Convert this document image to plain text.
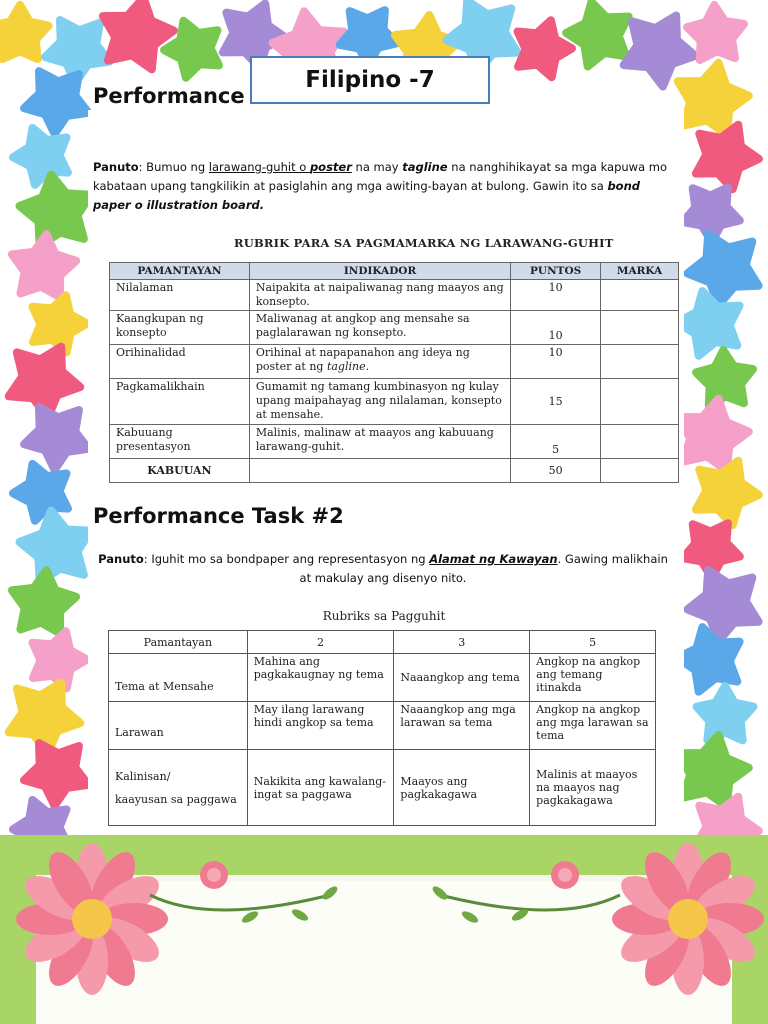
Performance
Filipino -7
Panuto: Bumuo ng larawang-guhit o poster na may tagline na nanghihikayat sa mga kapuwa mo kabataan upang tangkilikin at pasiglahin ang mga awiting-bayan at bulong. Gawin ito sa bond paper o illustration board.
RUBRIK PARA SA PAGMAMARKA NG LARAWANG-GUHIT
PAMANTAYAN	INDIKADOR	PUNTOS	MARKA
Nilalaman	Naipakita at naipaliwanag nang maayos ang konsepto.	10	
Kaangkupan ng konsepto	Maliwanag at angkop ang mensahe sa paglalarawan ng konsepto.	10	
Orihinalidad	Orihinal at napapanahon ang ideya ng poster at ng tagline.	10	
Pagkamalikhain	Gumamit ng tamang kumbinasyon ng kulay upang maipahayag ang nilalaman, konsepto at mensahe.	15	
Kabuuang presentasyon	Malinis, malinaw at maayos ang kabuuang larawang-guhit.	5	
KABUUAN		50	
Performance Task #2
Panuto: Iguhit mo sa bondpaper ang representasyon ng Alamat ng Kawayan. Gawing malikhain at makulay ang disenyo nito.
Rubriks sa Pagguhit
Pamantayan	2	3	5
Tema at Mensahe	Mahina ang pagkakaugnay ng tema	Naaangkop ang tema	Angkop na angkop ang temang itinakda
Larawan	May ilang larawang hindi angkop sa tema	Naaangkop ang mga larawan sa tema	Angkop na angkop ang mga larawan sa tema

Kalinisan/
kaayusan sa paggawa	Nakikita ang kawalang-ingat sa paggawa	Maayos ang pagkakagawa	Malinis at maayos na maayos nag pagkakagawa
